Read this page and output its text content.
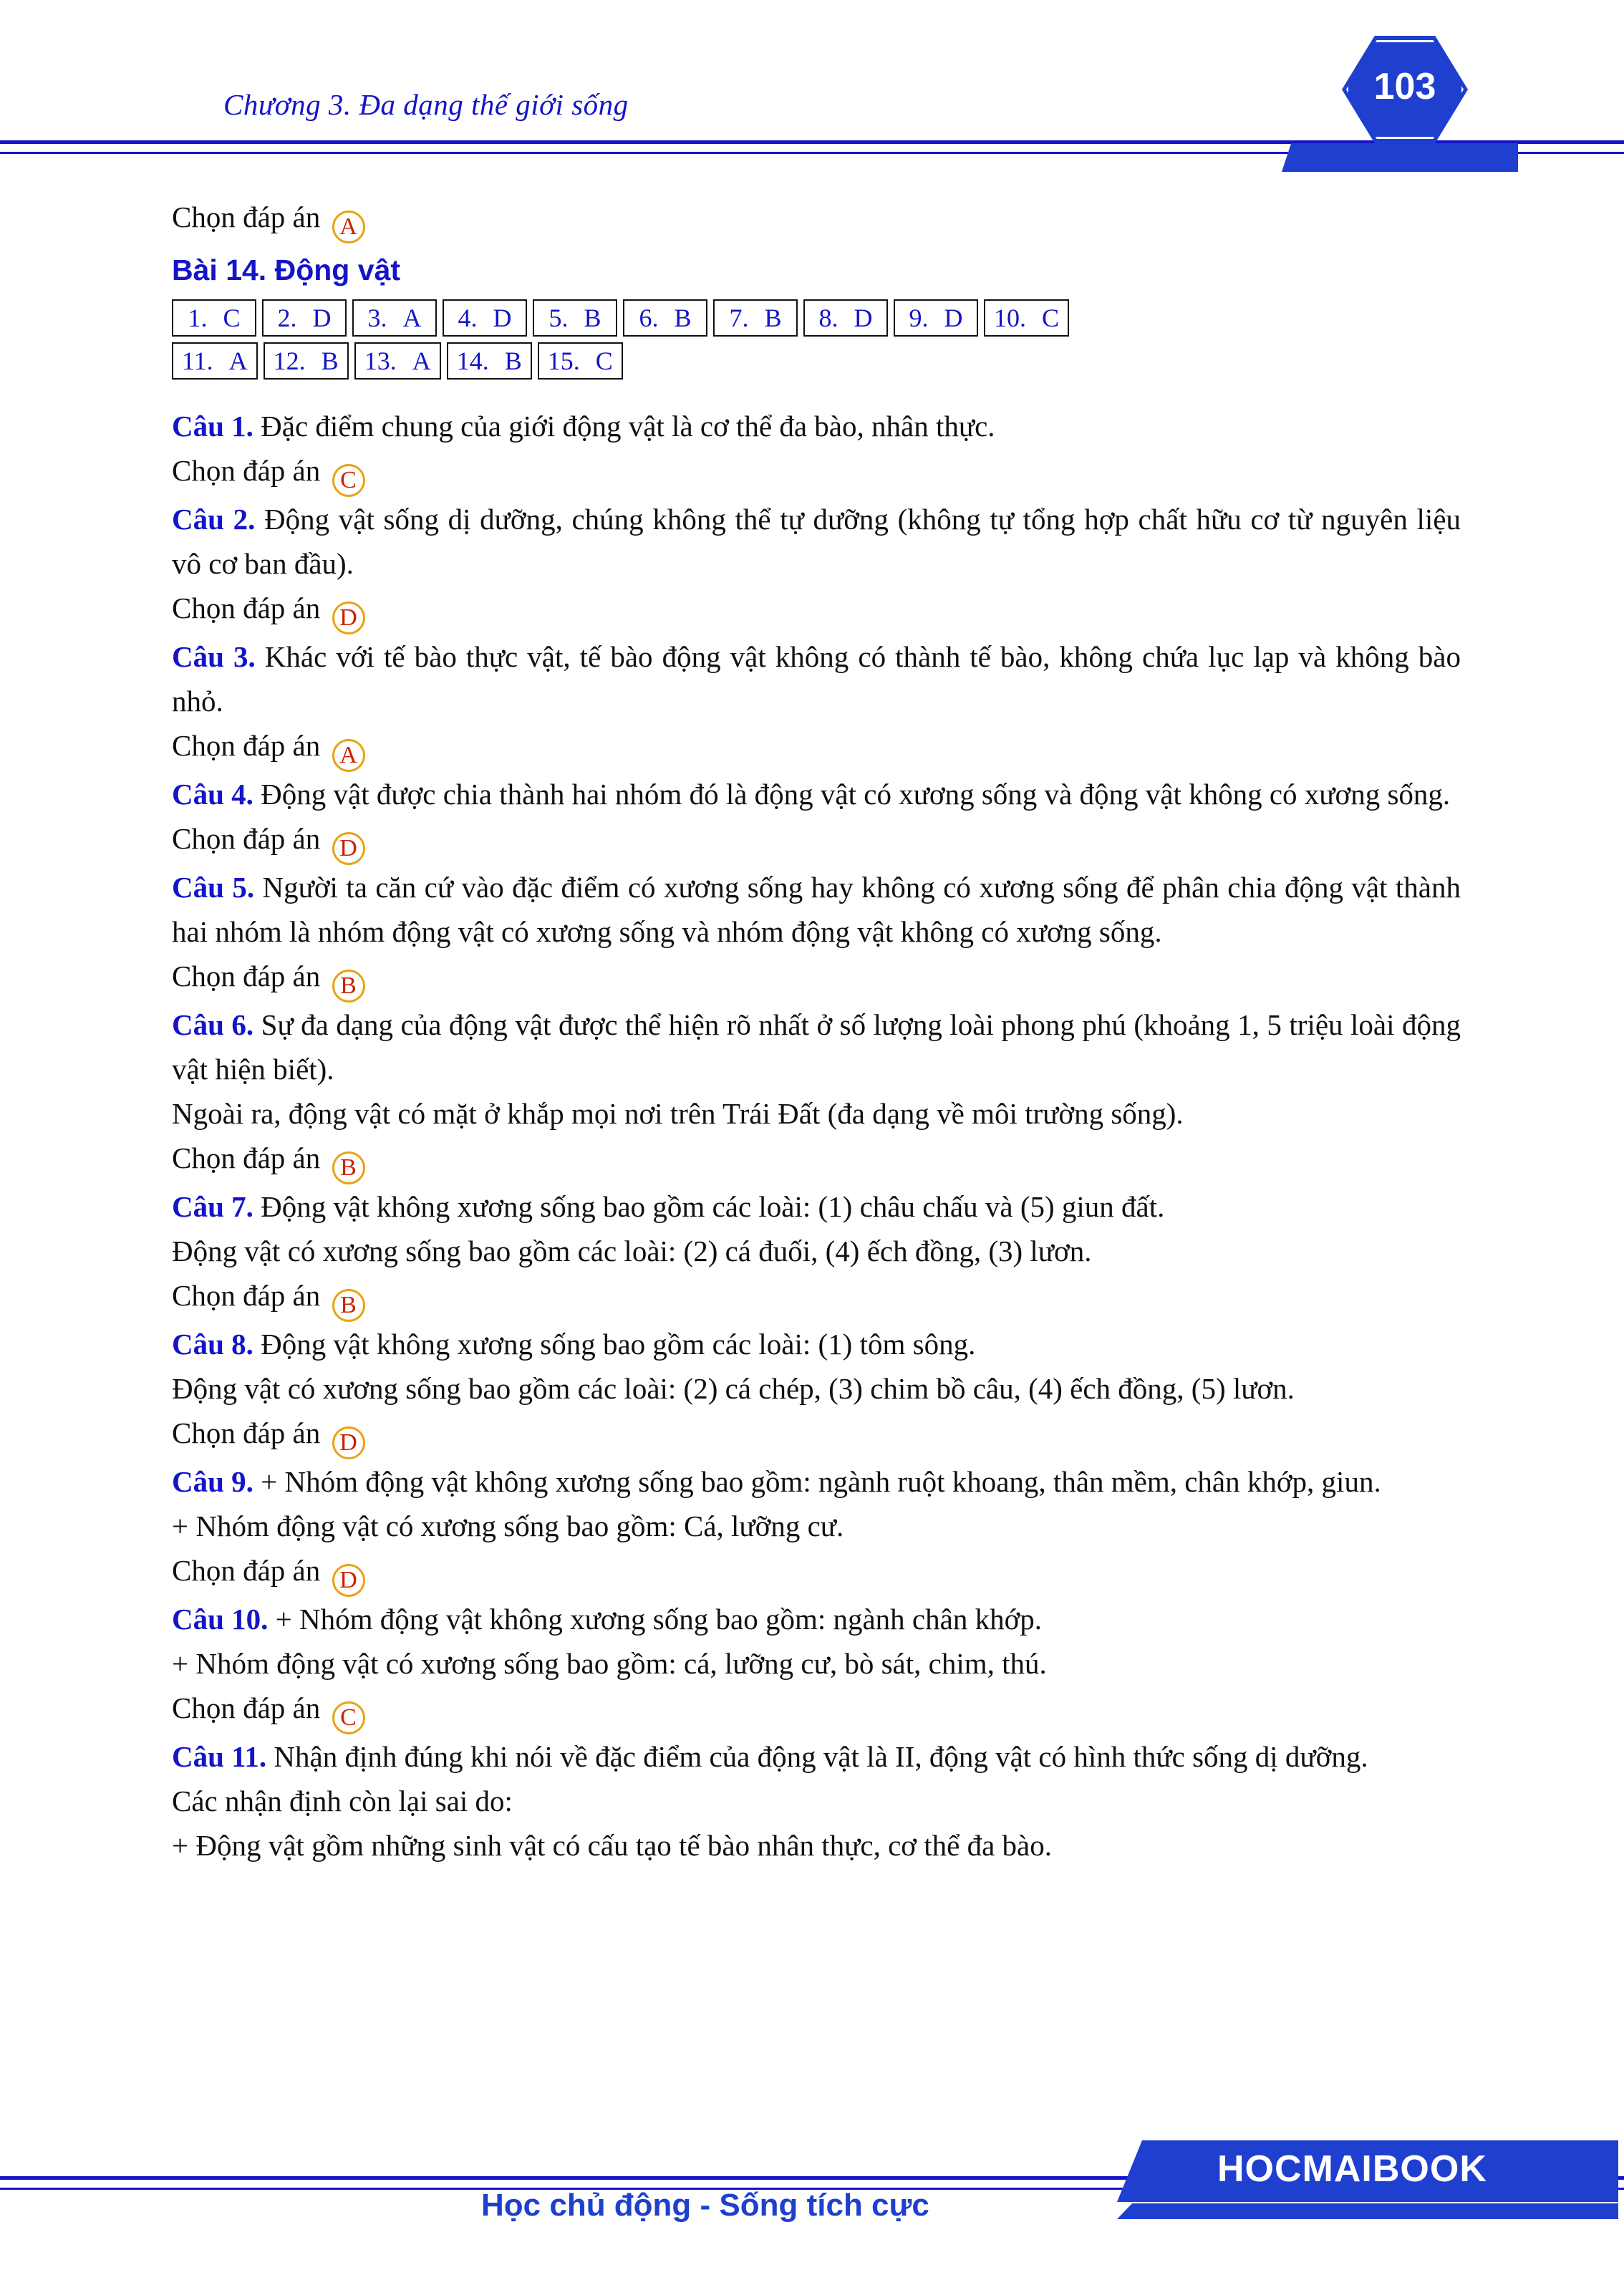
Chương 3. Đa dạng thế giới sống	103

Chọn đáp án A

Bài 14. Động vật
1. C 2. D 3. A 4. D 5. B 6. B 7. B 8. D 9. D 10. C
11. A 12. B 13. A 14. B 15. C

Câu 1. Đặc điểm chung của giới động vật là cơ thể đa bào, nhân thực.

Chọn đáp án C

Câu 2. Động vật sống dị dưỡng, chúng không thể tự dưỡng (không tự tổng hợp chất hữu cơ từ nguyên liệu vô cơ ban đầu).

Chọn đáp án D

Câu 3. Khác với tế bào thực vật, tế bào động vật không có thành tế bào, không chứa lục lạp và không bào nhỏ.

Chọn đáp án A

Câu 4. Động vật được chia thành hai nhóm đó là động vật có xương sống và động vật không có xương sống.

Chọn đáp án D

Câu 5. Người ta căn cứ vào đặc điểm có xương sống hay không có xương sống để phân chia động vật thành hai nhóm là nhóm động vật có xương sống và nhóm động vật không có xương sống.

Chọn đáp án B

Câu 6. Sự đa dạng của động vật được thể hiện rõ nhất ở số lượng loài phong phú (khoảng 1, 5 triệu loài động vật hiện biết).

Ngoài ra, động vật có mặt ở khắp mọi nơi trên Trái Đất (đa dạng về môi trường sống).

Chọn đáp án B

Câu 7. Động vật không xương sống bao gồm các loài: (1) châu chấu và (5) giun đất.

Động vật có xương sống bao gồm các loài: (2) cá đuối, (4) ếch đồng, (3) lươn.

Chọn đáp án B

Câu 8. Động vật không xương sống bao gồm các loài: (1) tôm sông.

Động vật có xương sống bao gồm các loài: (2) cá chép, (3) chim bồ câu, (4) ếch đồng, (5) lươn.

Chọn đáp án D

Câu 9. + Nhóm động vật không xương sống bao gồm: ngành ruột khoang, thân mềm, chân khớp, giun.

+ Nhóm động vật có xương sống bao gồm: Cá, lưỡng cư.

Chọn đáp án D

Câu 10. + Nhóm động vật không xương sống bao gồm: ngành chân khớp.

+ Nhóm động vật có xương sống bao gồm: cá, lưỡng cư, bò sát, chim, thú.

Chọn đáp án C

Câu 11. Nhận định đúng khi nói về đặc điểm của động vật là II, động vật có hình thức sống dị dưỡng.

Các nhận định còn lại sai do:

+ Động vật gồm những sinh vật có cấu tạo tế bào nhân thực, cơ thể đa bào.

Học chủ động - Sống tích cực
HOCMAIBOOK
